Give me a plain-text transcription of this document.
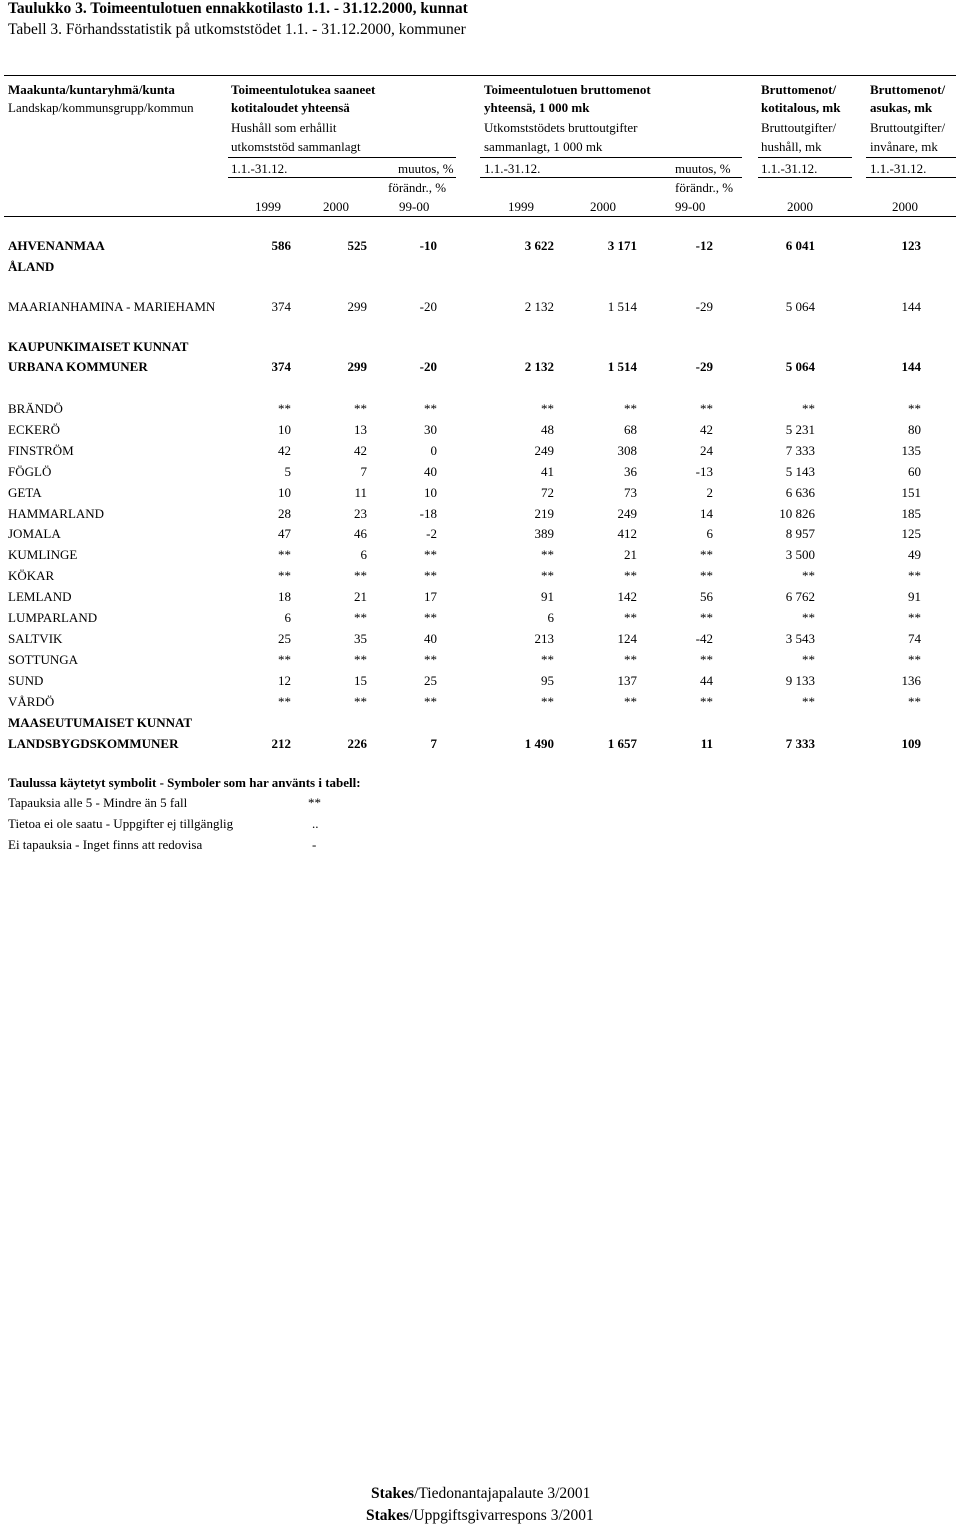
Taulukko 3. Toimeentulotuen ennakkotilasto 1.1. - 31.12.2000, kunnat
Tabell 3. Förhandsstatistik på utkomststödet 1.1. - 31.12.2000, kommuner
Maakunta/kuntaryhmä/kunta
Landskap/kommunsgrupp/kommun
Toimeentulotukea saaneet
kotitaloudet yhteensä
Hushåll som erhållit
utkomststöd sammanlagt
Toimeentulotuen bruttomenot
yhteensä, 1 000 mk
Utkomststödets bruttoutgifter
sammanlagt, 1 000 mk
Bruttomenot/
kotitalous, mk
Bruttoutgifter/
hushåll, mk
Bruttomenot/
asukas, mk
Bruttoutgifter/
invånare, mk
1.1.-31.12.	muutos, % 1.1.-31.12.	muutos, % 1.1.-31.12.	1.1.-31.12.
förändr., %	förändr., %
1999	2000	99-00	1999	2000	99-00	2000	2000
AHVENANMAA	586	525	-10	3 622	3 171	-12	6 041	123
ÅLAND
MAARIANHAMINA - MARIEHAMN	374	299	-20	2 132	1 514	-29	5 064	144
KAUPUNKIMAISET KUNNAT
URBANA KOMMUNER	374	299	-20	2 132	1 514	-29	5 064	144
BRÄNDÖ	**	**	**	**	**	**	**	**
ECKERÖ	10	13	30	48	68	42	5 231	80
FINSTRÖM	42	42	0	249	308	24	7 333	135
FÖGLÖ	5	7	40	41	36	-13	5 143	60
GETA	10	11	10	72	73	2	6 636	151
HAMMARLAND	28	23	-18	219	249	14	10 826	185
JOMALA	47	46	-2	389	412	6	8 957	125
KUMLINGE	**	6	**	**	21	**	3 500	49
KÖKAR	**	**	**	**	**	**	**	**
LEMLAND	18	21	17	91	142	56	6 762	91
LUMPARLAND	6	**	**	6	**	**	**	**
SALTVIK	25	35	40	213	124	-42	3 543	74
SOTTUNGA	**	**	**	**	**	**	**	**
SUND	12	15	25	95	137	44	9 133	136
VÅRDÖ	**	**	**	**	**	**	**	**
MAASEUTUMAISET KUNNAT
LANDSBYGDSKOMMUNER	212	226	7	1 490	1 657	11	7 333	109
Taulussa käytetyt symbolit - Symboler som har använts i tabell:
Tapauksia alle 5 - Mindre än 5 fall	**
Tietoa ei ole saatu - Uppgifter ej tillgänglig	..
Ei tapauksia - Inget finns att redovisa	-
Stakes/Tiedonantajapalaute 3/2001
Stakes/Uppgiftsgivarrespons 3/2001
